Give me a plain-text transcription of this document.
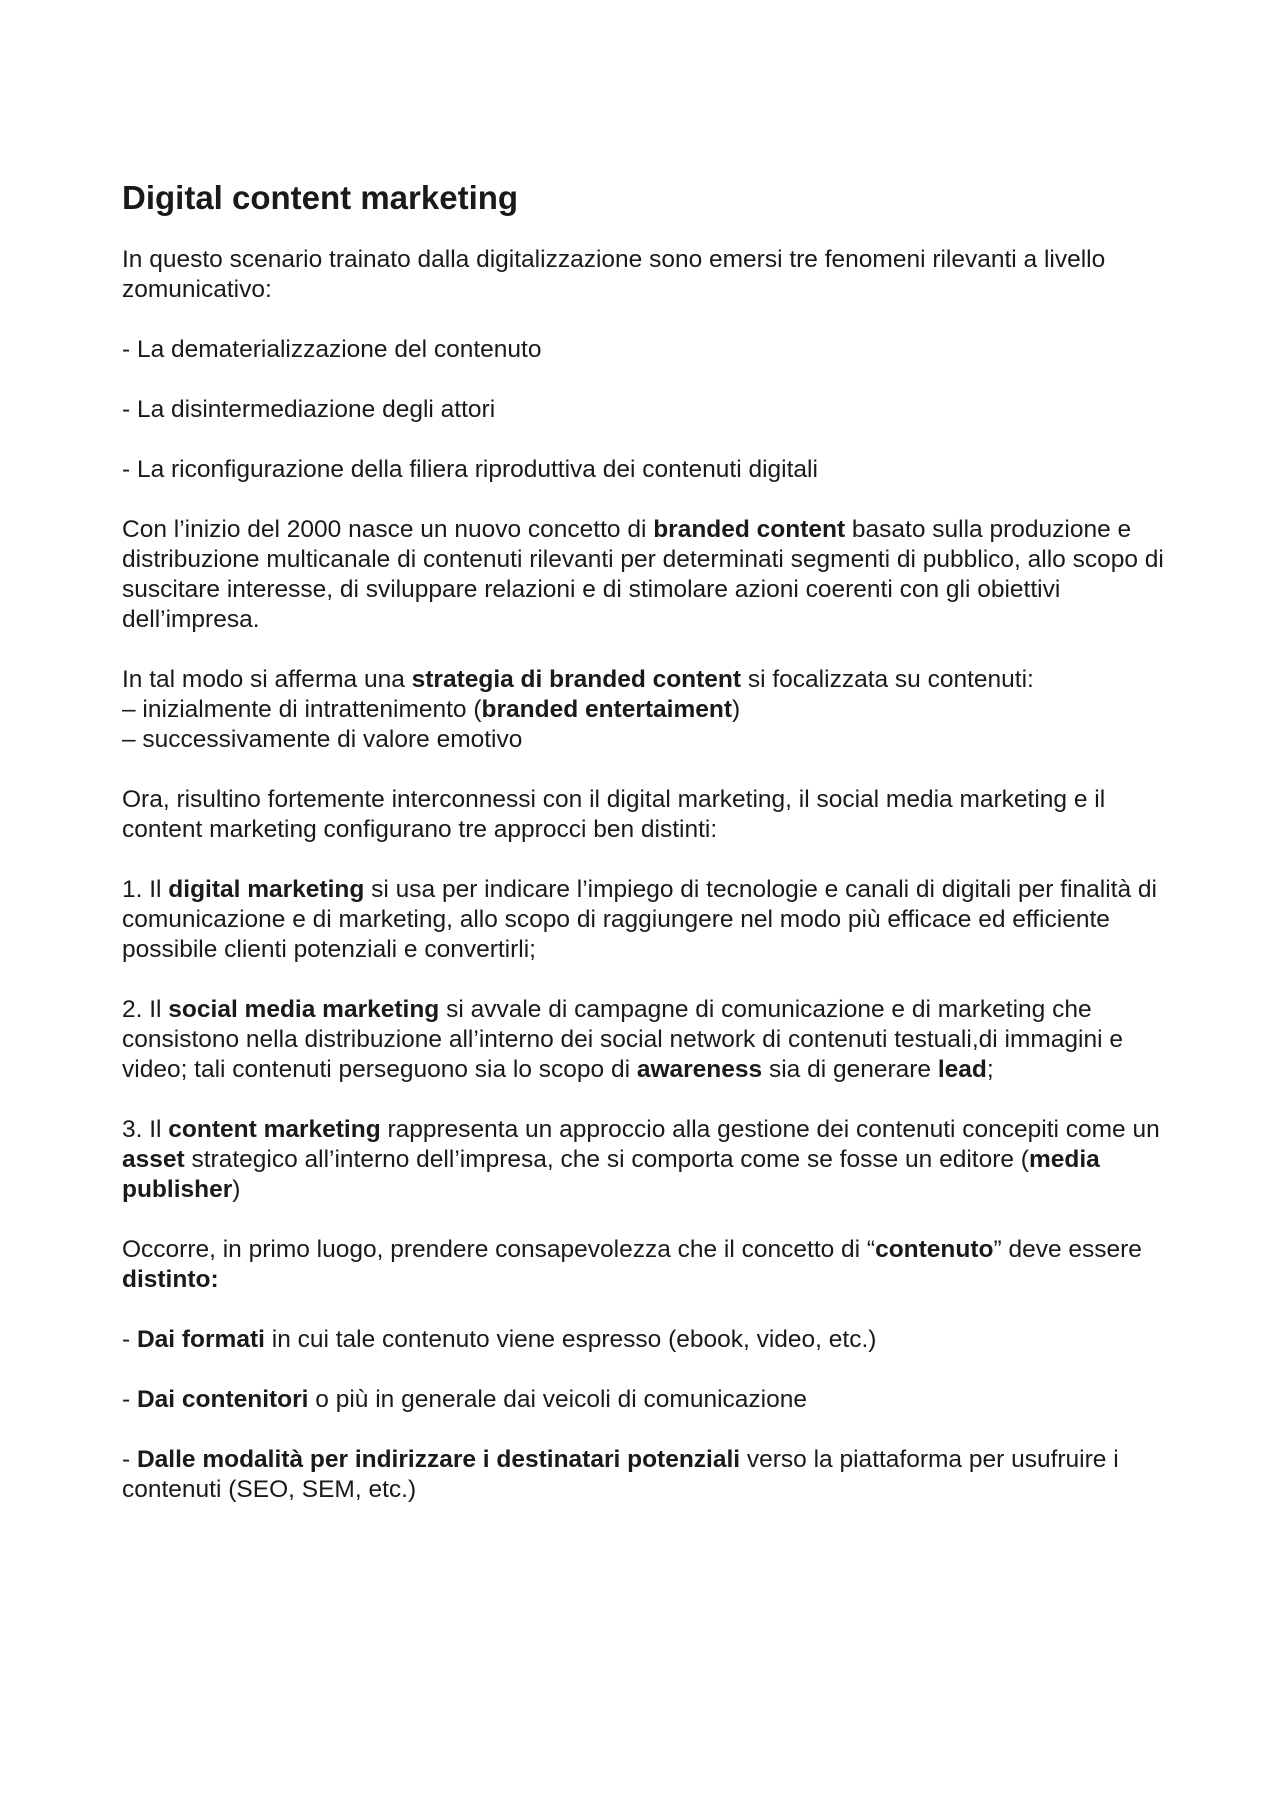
Digital content marketing

In questo scenario trainato dalla digitalizzazione sono emersi tre fenomeni rilevanti a livello zomunicativo:

- La dematerializzazione del contenuto

- La disintermediazione degli attori

- La riconfigurazione della filiera riproduttiva dei contenuti digitali

Con l’inizio del 2000 nasce un nuovo concetto di branded content basato sulla produzione e distribuzione multicanale di contenuti rilevanti per determinati segmenti di pubblico, allo scopo di suscitare interesse, di sviluppare relazioni e di stimolare azioni coerenti con gli obiettivi dell’impresa.

In tal modo si afferma una strategia di branded content si focalizzata su contenuti:

– inizialmente di intrattenimento (branded entertaiment)

– successivamente di valore emotivo

Ora, risultino fortemente interconnessi con il digital marketing, il social media marketing e il content marketing configurano tre approcci ben distinti:

1. Il digital marketing si usa per indicare l’impiego di tecnologie e canali di digitali per finalità di comunicazione e di marketing, allo scopo di raggiungere nel modo più efficace ed efficiente possibile clienti potenziali e convertirli;

2. Il social media marketing si avvale di campagne di comunicazione e di marketing che consistono nella distribuzione all’interno dei social network di contenuti testuali,di immagini e video; tali contenuti perseguono sia lo scopo di awareness sia di generare lead;

3. Il content marketing rappresenta un approccio alla gestione dei contenuti concepiti come un asset strategico all’interno dell’impresa, che si comporta come se fosse un editore (media publisher)

Occorre, in primo luogo, prendere consapevolezza che il concetto di “contenuto” deve essere distinto:

- Dai formati in cui tale contenuto viene espresso (ebook, video, etc.)

- Dai contenitori o più in generale dai veicoli di comunicazione

- Dalle modalità per indirizzare i destinatari potenziali verso la piattaforma per usufruire i contenuti (SEO, SEM, etc.)
